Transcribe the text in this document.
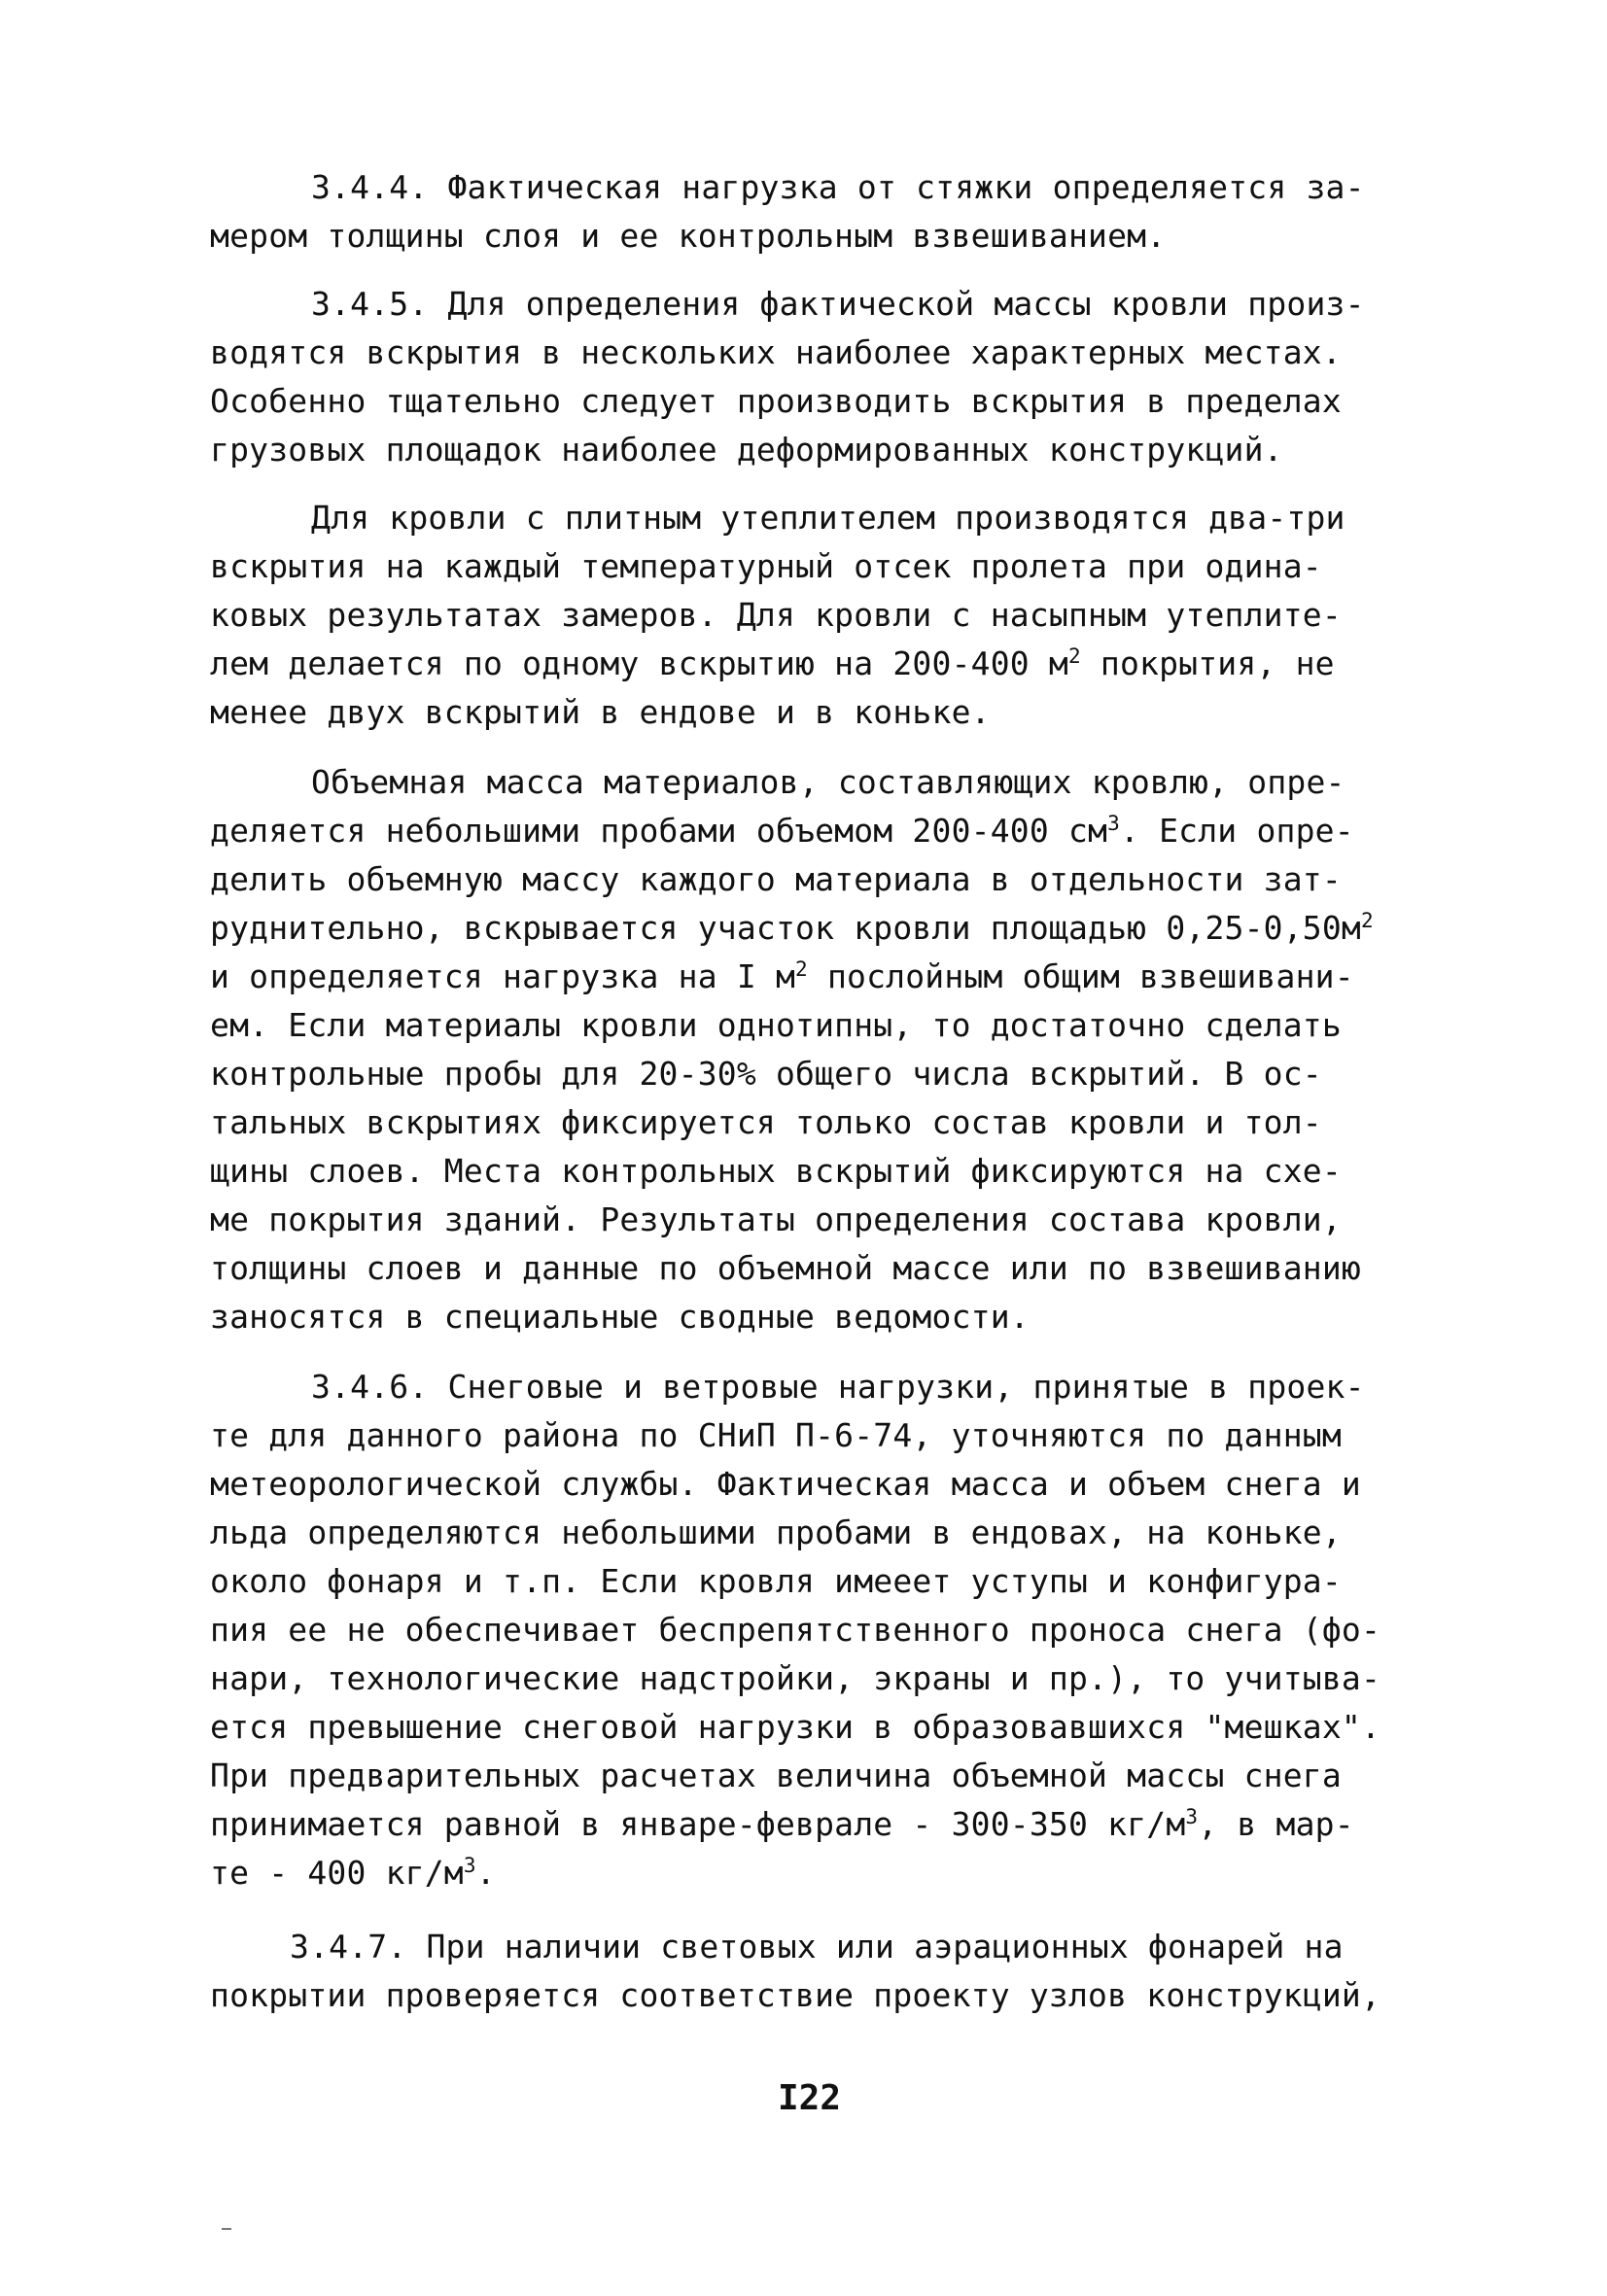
3.4.4. Фактическая нагрузка от стяжки определяется за-
мером толщины слоя и ее контрольным взвешиванием.
3.4.5. Для определения фактической массы кровли произ-
водятся вскрытия в нескольких наиболее характерных местах.
Особенно тщательно следует производить вскрытия в пределах
грузовых площадок наиболее деформированных конструкций.
Для кровли с плитным утеплителем производятся два-три
вскрытия на каждый температурный отсек пролета при одина-
ковых результатах замеров. Для кровли с насыпным утеплите-
лем делается по одному вскрытию на 200-400 $м^2$ покрытия, не
менее двух вскрытий в ендове и в коньке.
Объемная масса материалов, составляющих кровлю, опре-
деляется небольшими пробами объемом 200-400 $см^3$. Если опре-
делить объемную массу каждого материала в отдельности зат-
руднительно, вскрывается участок кровли площадью $0,25-0,50м^2$
и определяется нагрузка на I $м^2$ послойным общим взвешивани-
ем. Если материалы кровли однотипны, то достаточно сделать
контрольные пробы для 20-30% общего числа вскрытий. В ос-
тальных вскрытиях фиксируется только состав кровли и тол-
щины слоев. Места контрольных вскрытий фиксируются на схе-
ме покрытия зданий. Результаты определения состава кровли,
толщины слоев и данные по объемной массе или по взвешиванию
заносятся в специальные сводные ведомости.
3.4.6. Снеговые и ветровые нагрузки, принятые в проек-
те для данного района по СНиП П-6-74, уточняются по данным
метеорологической службы. Фактическая масса и объем снега и
льда определяются небольшими пробами в ендовах, на коньке,
около фонаря и т.п. Если кровля имееет уступы и конфигура-
пия ее не обеспечивает беспрепятственного проноса снега (фо-
нари, технологические надстройки, экраны и пр.), то учитыва-
ется превышение снеговой нагрузки в образовавшихся "мешках".
При предварительных расчетах величина объемной массы снега
принимается равной в январе-феврале - 300-350 $кг/м^3$, в мар-
те - 400 $кг/м^3$.
3.4.7. При наличии световых или аэрационных фонарей на
покрытии проверяется соответствие проекту узлов конструкций,
I22
